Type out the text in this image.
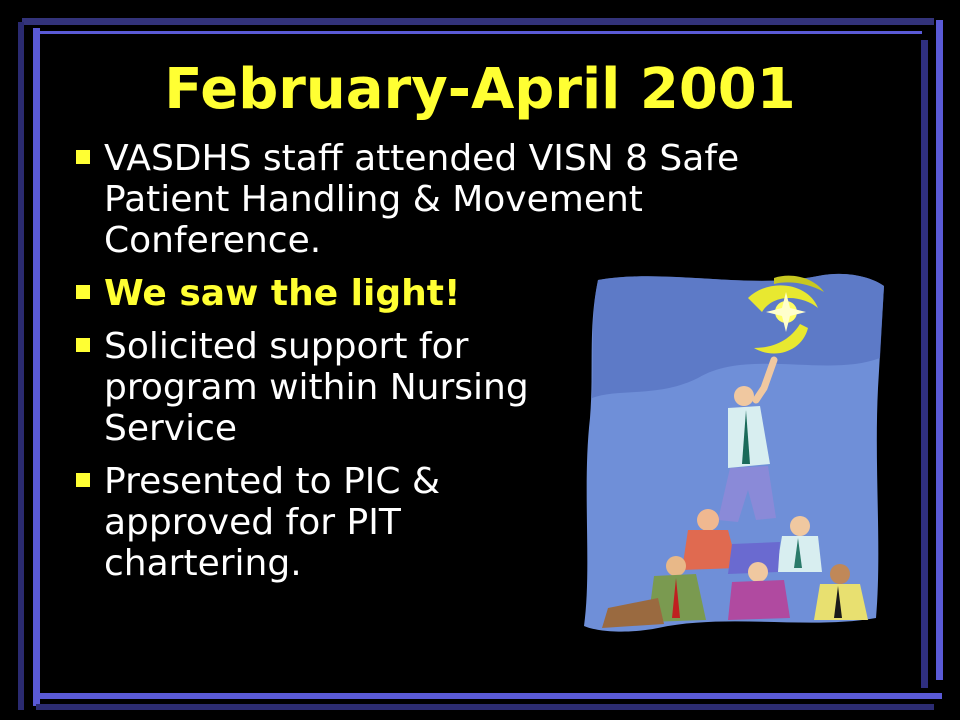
February-April 2001
VASDHS staff attended VISN 8 Safe Patient Handling & Movement Conference.
We saw the light!
Solicited support for program within Nursing Service
Presented to PIC & approved for PIT chartering.
